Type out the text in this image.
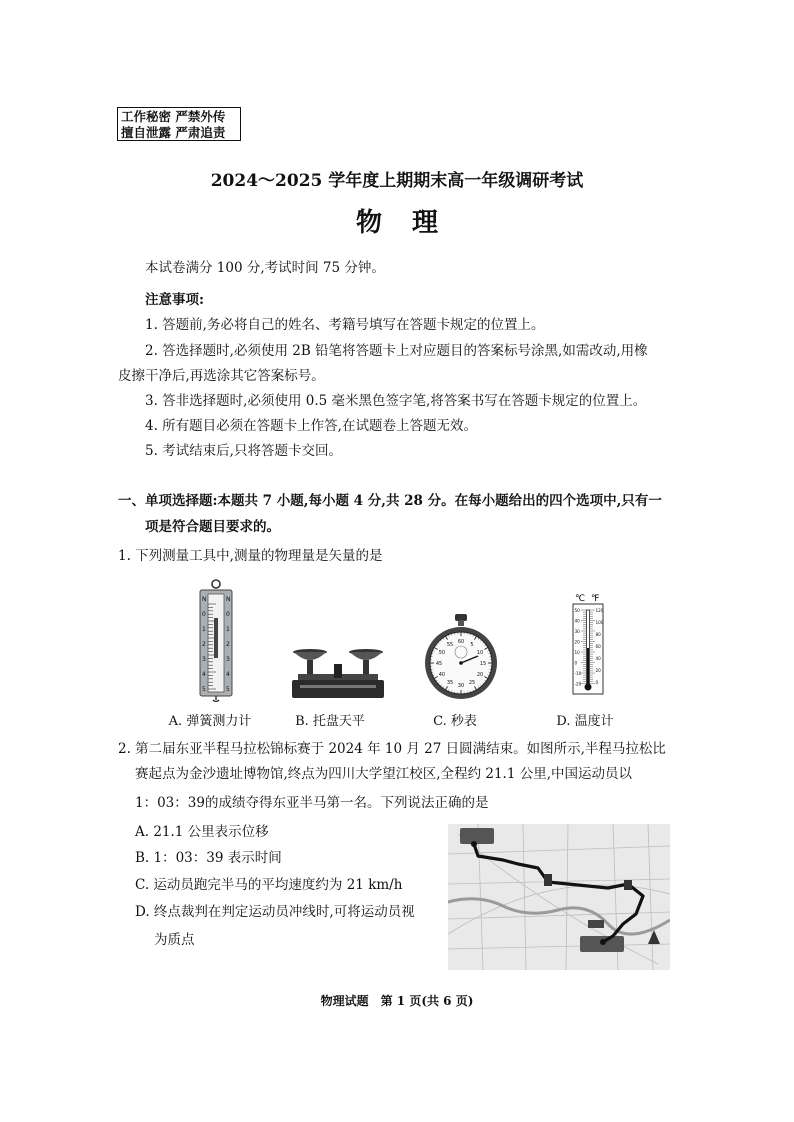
工作秘密 严禁外传
擅自泄露 严肃追责
2024～2025 学年度上期期末高一年级调研考试
物理
本试卷满分 100 分,考试时间 75 分钟。
注意事项:
1. 答题前,务必将自己的姓名、考籍号填写在答题卡规定的位置上。
2. 答选择题时,必须使用 2B 铅笔将答题卡上对应题目的答案标号涂黑,如需改动,用橡
皮擦干净后,再选涂其它答案标号。
3. 答非选择题时,必须使用 0.5 毫米黑色签字笔,将答案书写在答题卡规定的位置上。
4. 所有题目必须在答题卡上作答,在试题卷上答题无效。
5. 考试结束后,只将答题卡交回。
一、单项选择题:本题共 7 小题,每小题 4 分,共 28 分。在每小题给出的四个选项中,只有一
项是符合题目要求的。
1. 下列测量工具中,测量的物理量是矢量的是
N	N
0	0
1	1
2	2
3	3
4	4
5	5
60 5
10
15
20
25
30
35
40
45
50
55
℃ ℉
50
40
30
20
10
0
-10
-20
120
100
80
60
40
20
0
A. 弹簧测力计	B. 托盘天平	C. 秒表	D. 温度计
2. 第二届东亚半程马拉松锦标赛于 2024 年 10 月 27 日圆满结束。如图所示,半程马拉松比
赛起点为金沙遗址博物馆,终点为四川大学望江校区,全程约 21.1 公里,中国运动员以
1：03：39的成绩夺得东亚半马第一名。下列说法正确的是
A. 21.1 公里表示位移
B. 1：03：39 表示时间
C. 运动员跑完半马的平均速度约为 21 km/h
D. 终点裁判在判定运动员冲线时,可将运动员视
为质点
物理试题　第 1 页(共 6 页)
